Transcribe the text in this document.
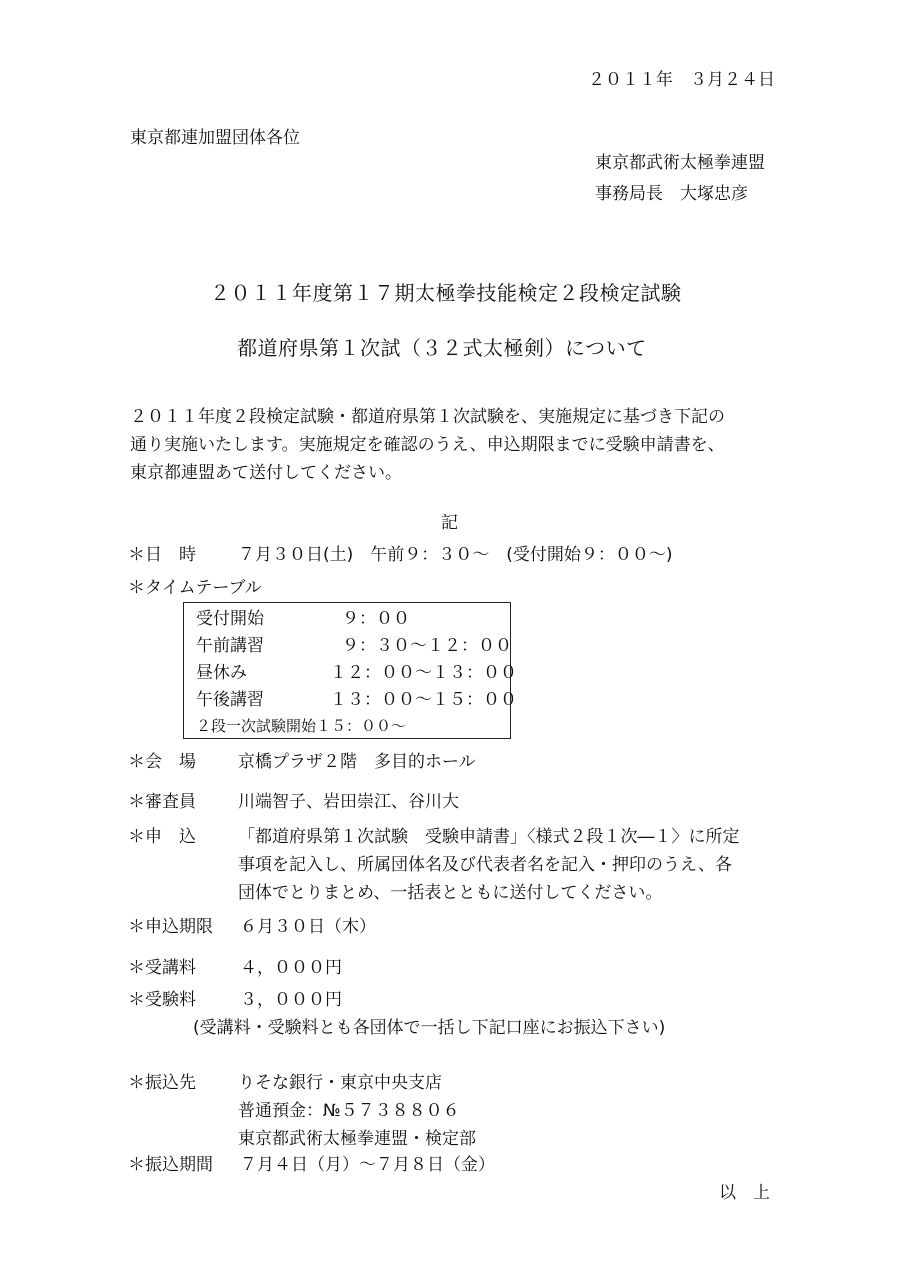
２０１１年　３月２４日
東京都連加盟団体各位
東京都武術太極拳連盟
事務局長　大塚忠彦
２０１１年度第１７期太極拳技能検定２段検定試験
都道府県第１次試（３２式太極剣）について
２０１１年度２段検定試験・都道府県第１次試験を、実施規定に基づき下記の
通り実施いたします。実施規定を確認のうえ、申込期限までに受験申請書を、
東京都連盟あて送付してください。
記
＊日　時 ７月３０日(土)　午前９：３０～　(受付開始９：００～)
＊タイムテーブル
受付開始	９：００
午前講習	９：３０～１２：００
昼休み	１２：００～１３：００
午後講習	１３：００～１５：００
２段一次試験開始１５：００～
＊会　場 京橋プラザ２階　多目的ホール
＊審査員 川端智子、岩田崇江、谷川大
＊申　込 「都道府県第１次試験　受験申請書」〈様式２段１次―１〉に所定
事項を記入し、所属団体名及び代表者名を記入・押印のうえ、各
団体でとりまとめ、一括表とともに送付してください。
＊申込期限 ６月３０日（木）
＊受講料	４，０００円
＊受験料	３，０００円
(受講料・受験料とも各団体で一括し下記口座にお振込下さい)
＊振込先 りそな銀行・東京中央支店
普通預金：№５７３８８０６
東京都武術太極拳連盟・検定部
＊振込期間 ７月４日（月）～７月８日（金）
以　上
